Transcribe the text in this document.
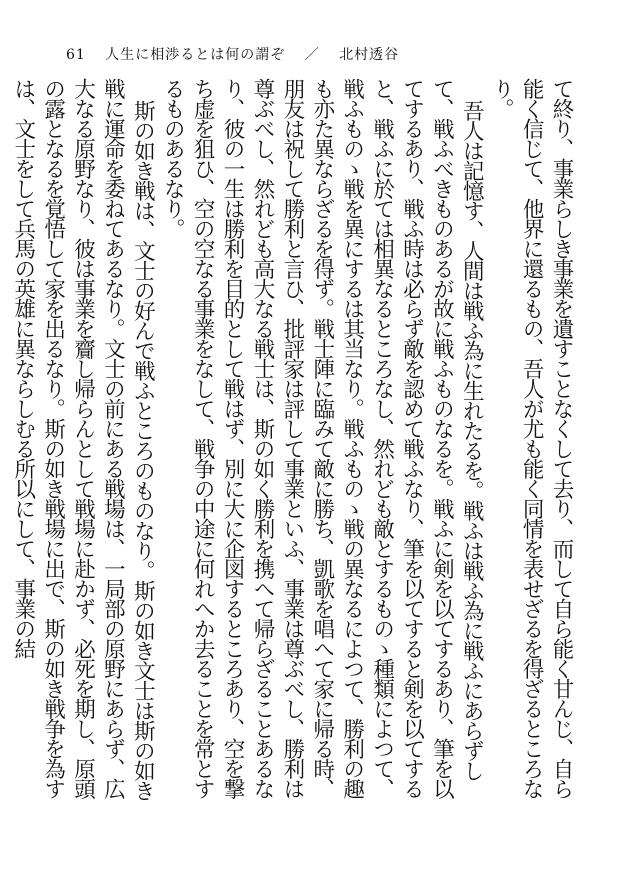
61 人生に相渉るとは何の謂ぞ ／ 北村透谷

て終り、事業らしき事業を遺すことなくして去り、而して自ら能く甘んじ、自ら能く信じて、他界に還るもの、吾人が尤も能く同情を表せざるを得ざるところなり。

吾人は記憶す、人間は戦ふ為に生れたるを。戦ふは戦ふ為に戦ふにあらずして、戦ふべきものあるが故に戦ふものなるを。戦ふに剣を以てするあり、筆を以てするあり、戦ふ時は必らず敵を認めて戦ふなり、筆を以てすると剣を以てすると、戦ふに於ては相異なるところなし、然れども敵とするものゝ種類によつて、戦ふものゝ戦を異にするは其当なり。戦ふものゝ戦の異なるによつて、勝利の趣も亦た異ならざるを得ず。戦士陣に臨みて敵に勝ち、凱歌を唱へて家に帰る時、朋友は祝して勝利と言ひ、批評家は評して事業といふ、事業は尊ぶべし、勝利は尊ぶべし、然れども高大なる戦士は、斯の如く勝利を携へて帰らざることあるなり、彼の一生は勝利を目的として戦はず、別に大に企図するところあり、空を撃ち虚を狙ひ、空の空なる事業をなして、戦争の中途に何れへか去ることを常とするものあるなり。

斯の如き戦は、文士の好んで戦ふところのものなり。斯の如き文士は斯の如き戦に運命を委ねてあるなり。文士の前にある戦場は、一局部の原野にあらず、広大なる原野なり、彼は事業を齎し帰らんとして戦場に赴かず、必死を期し、原頭の露となるを覚悟して家を出るなり。斯の如き戦場に出で、斯の如き戦争を為すは、文士をして兵馬の英雄に異ならしむる所以にして、事業の結
